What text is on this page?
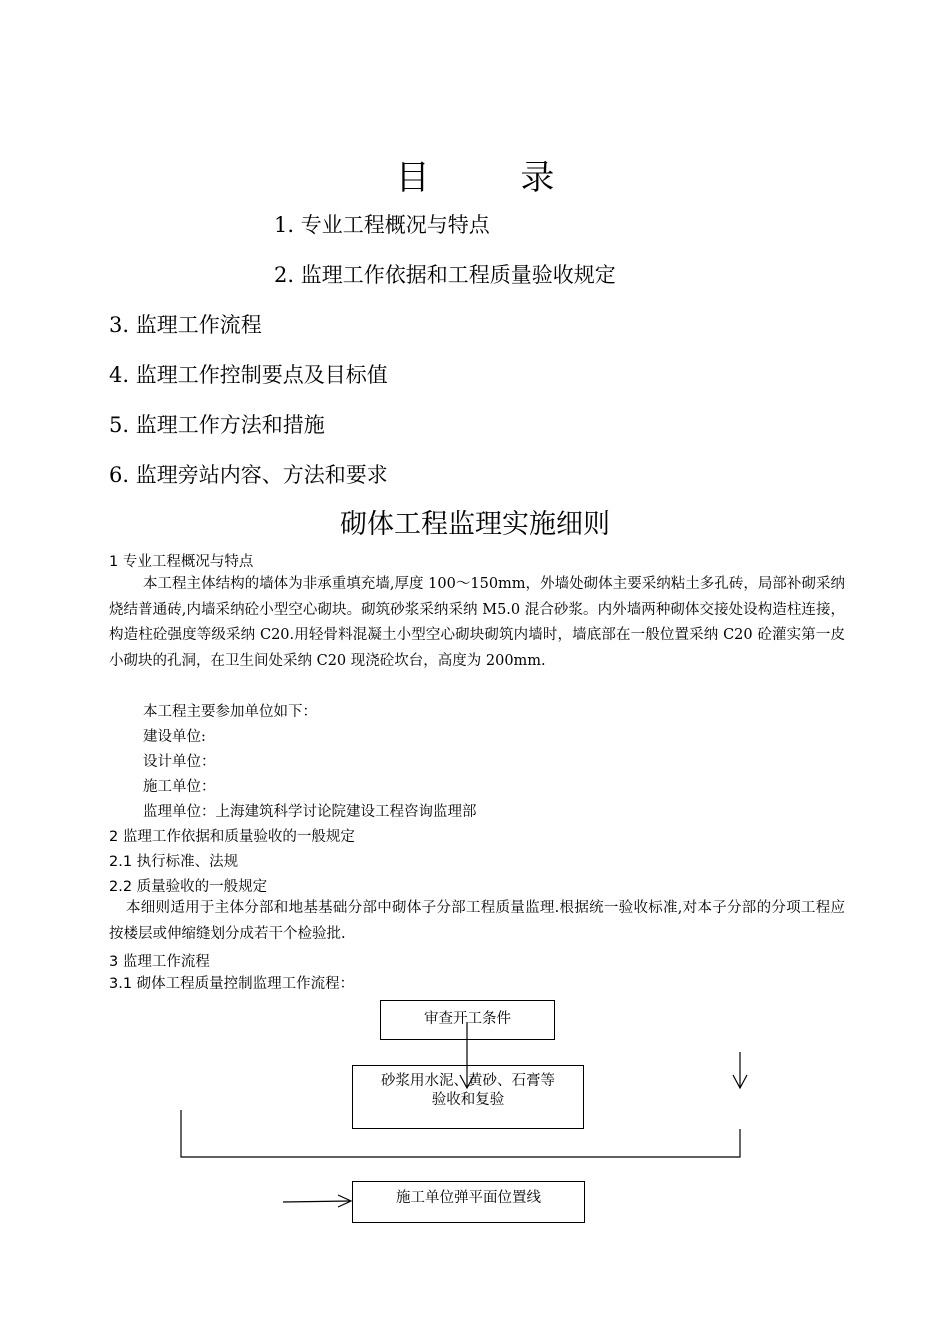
目 录
1. 专业工程概况与特点
2. 监理工作依据和工程质量验收规定
3. 监理工作流程
4. 监理工作控制要点及目标值
5. 监理工作方法和措施
6. 监理旁站内容、方法和要求
砌体工程监理实施细则
1 专业工程概况与特点
本工程主体结构的墙体为非承重填充墙,厚度 100～150mm，外墙处砌体主要采纳粘土多孔砖，局部补砌采纳烧结普通砖,内墙采纳砼小型空心砌块。砌筑砂浆采纳采纳 M5.0 混合砂浆。内外墙两种砌体交接处设构造柱连接，构造柱砼强度等级采纳 C20.用轻骨料混凝土小型空心砌块砌筑内墙时，墙底部在一般位置采纳 C20 砼灌实第一皮小砌块的孔洞，在卫生间处采纳 C20 现浇砼坎台，高度为 200mm.
本工程主要参加单位如下：
建设单位:
设计单位：
施工单位：
监理单位：上海建筑科学讨论院建设工程咨询监理部
2 监理工作依据和质量验收的一般规定
2.1 执行标准、法规
2.2 质量验收的一般规定
本细则适用于主体分部和地基基础分部中砌体子分部工程质量监理.根据统一验收标准,对本子分部的分项工程应按楼层或伸缩缝划分成若干个检验批.
3 监理工作流程
3.1 砌体工程质量控制监理工作流程：
审查开工条件
砂浆用水泥、黄砂、石膏等
验收和复验
施工单位弹平面位置线
